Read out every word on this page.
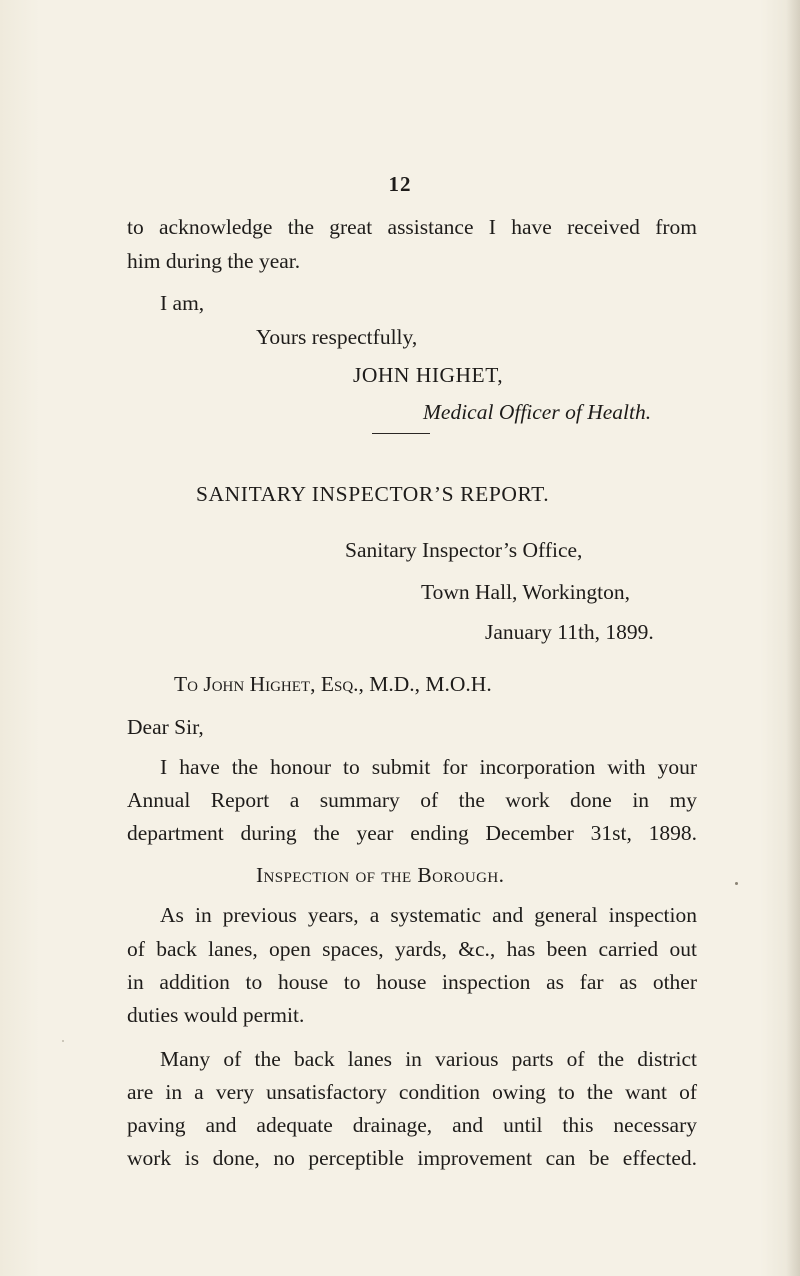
12
to acknowledge the great assistance I have received from
him during the year.
I am,
Yours respectfully,
JOHN HIGHET,
Medical Officer of Health.
SANITARY INSPECTOR’S REPORT.
Sanitary Inspector’s Office,
Town Hall, Workington,
January 11th, 1899.
To John Highet, Esq., M.D., M.O.H.
Dear Sir,
I have the honour to submit for incorporation with your
Annual Report a summary of the work done in my
department during the year ending December 31st, 1898.
Inspection of the Borough.
As in previous years, a systematic and general inspection
of back lanes, open spaces, yards, &c., has been carried out
in addition to house to house inspection as far as other
duties would permit.
Many of the back lanes in various parts of the district
are in a very unsatisfactory condition owing to the want of
paving and adequate drainage, and until this necessary
work is done, no perceptible improvement can be effected.
